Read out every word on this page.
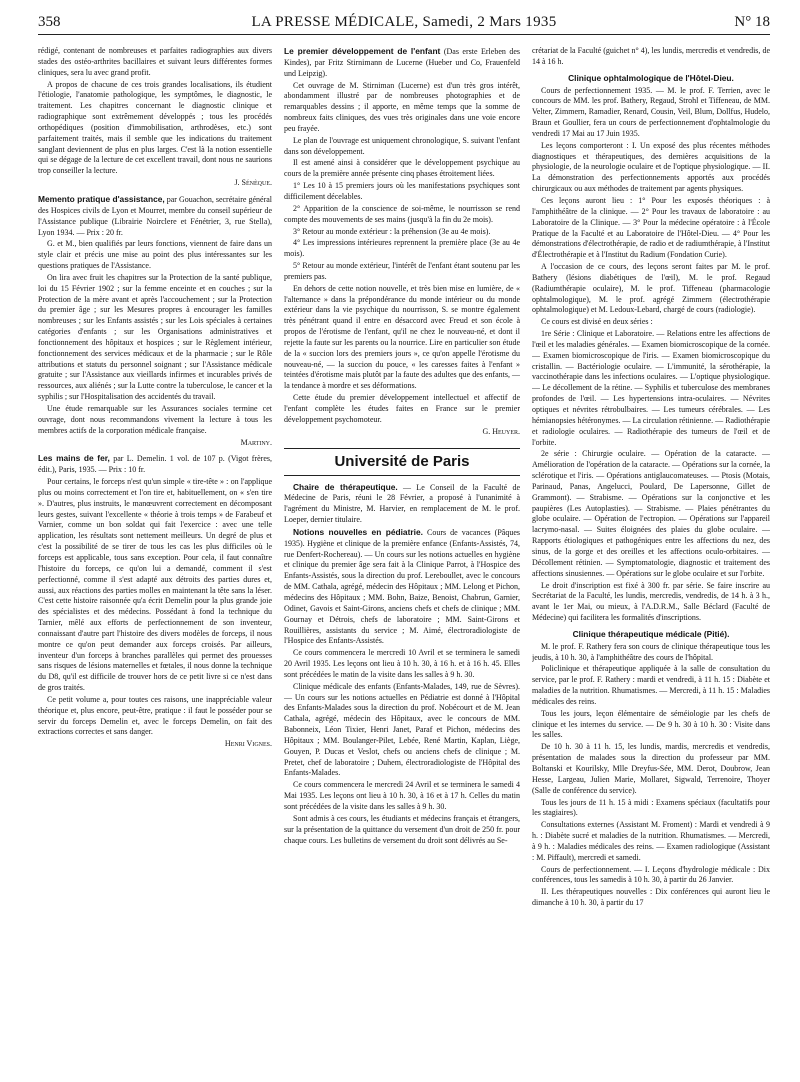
358	LA PRESSE MÉDICALE, Samedi, 2 Mars 1935	N° 18

rédigé, contenant de nombreuses et parfaites radiographies aux divers stades des ostéo-arthrites bacillaires et suivant leurs différentes formes cliniques, sera lu avec grand profit.

A propos de chacune de ces trois grandes localisations, ils étudient l'étiologie, l'anatomie pathologique, les symptômes, le diagnostic, le traitement. Les chapitres concernant le diagnostic clinique et radiographique sont extrêmement développés ; tous les procédés orthopédiques (position d'immobilisation, arthrodèses, etc.) sont parfaitement traités, mais il semble que les indications du traitement sanglant deviennent de plus en plus larges. C'est là la notion essentielle qui se dégage de la lecture de cet excellent travail, dont nous ne saurions trop conseiller la lecture.

J. Sénèque.

Memento pratique d'assistance, par Gouachon, secrétaire général des Hospices civils de Lyon et Mourret, membre du conseil supérieur de l'Assistance publique (Librairie Noirclere et Fénétrier, 3, rue Stella), Lyon 1934. — Prix : 20 fr.

G. et M., bien qualifiés par leurs fonctions, viennent de faire dans un style clair et précis une mise au point des plus intéressantes sur les questions pratiques de l'Assistance.

On lira avec fruit les chapitres sur la Protection de la santé publique, loi du 15 Février 1902 ; sur la femme enceinte et en couches ; sur la Protection de la mère avant et après l'accouchement ; sur la Protection du premier âge ; sur les Mesures propres à encourager les familles nombreuses ; sur les Enfants assistés ; sur les Lois spéciales à certaines catégories d'enfants ; sur les Organisations administratives et fonctionnement des hôpitaux et hospices ; sur le Règlement intérieur, fonctionnement des services médicaux et de la pharmacie ; sur le Rôle attributions et statuts du personnel soignant ; sur l'Assistance médicale gratuite ; sur l'Assistance aux vieillards infirmes et incurables privés de ressources, aux aliénés ; sur la Lutte contre la tuberculose, le cancer et la syphilis ; sur l'Hospitalisation des accidentés du travail.

Une étude remarquable sur les Assurances sociales termine cet ouvrage, dont nous recommandons vivement la lecture à tous les membres actifs de la corporation médicale française.

Martiny.

Les mains de fer, par L. Demelin. 1 vol. de 107 p. (Vigot frères, édit.), Paris, 1935. — Prix : 10 fr.

Pour certains, le forceps n'est qu'un simple « tire-tête » : on l'applique plus ou moins correctement et l'on tire et, habituellement, on « s'en tire ». D'autres, plus instruits, le manœuvrent correctement en décomposant leurs gestes, suivant l'excellente « théorie à trois temps » de Farabeuf et Varnier, comme un bon soldat qui fait l'exercice : avec une telle application, les résultats sont nettement meilleurs. Un degré de plus et c'est la possibilité de se tirer de tous les cas les plus difficiles où le forceps est applicable, tous sans exception. Pour cela, il faut connaître l'histoire du forceps, ce qu'on lui a demandé, comment il s'est perfectionné, comme il s'est adapté aux détroits des parties dures et, aussi, aux réactions des parties molles en maintenant la tête sans la léser. C'est cette histoire raisonnée qu'a écrit Demelin pour la plus grande joie des spécialistes et des médecins. Possédant à fond la technique du Tarnier, mêlé aux efforts de perfectionnement de son inventeur, connaissant d'autre part l'histoire des divers modèles de forceps, il nous montre ce qu'on peut demander aux forceps croisés. Par ailleurs, inventeur d'un forceps à branches parallèles qui permet des prouesses sans risques de lésions maternelles et fœtales, il nous donne la technique du D8, qu'il est difficile de trouver hors de ce petit livre si ce n'est dans de gros traités.

Ce petit volume a, pour toutes ces raisons, une inappréciable valeur théorique et, plus encore, peut-être, pratique : il faut le posséder pour se servir du forceps Demelin et, avec le forceps Demelin, on fait des extractions correctes et sans danger.

Henri Vignes.

Le premier développement de l'enfant (Das erste Erleben des Kindes), par Fritz Stirnimann de Lucerne (Hueber und Co, Frauenfeld und Leipzig).

Cet ouvrage de M. Stirniman (Lucerne) est d'un très gros intérêt, abondamment illustré par de nombreuses photographies et de remarquables dessins ; il apporte, en même temps que la somme de nombreux faits cliniques, des vues très originales dans une voie encore peu frayée.

Le plan de l'ouvrage est uniquement chronologique, S. suivant l'enfant dans son développement.

Il est amené ainsi à considérer que le développement psychique au cours de la première année présente cinq phases étroitement liées.

1° Les 10 à 15 premiers jours où les manifestations psychiques sont difficilement décelables.

2° Apparition de la conscience de soi-même, le nourrisson se rend compte des mouvements de ses mains (jusqu'à la fin du 2e mois).

3° Retour au monde extérieur : la préhension (3e au 4e mois).

4° Les impressions intérieures reprennent la première place (3e au 4e mois).

5° Retour au monde extérieur, l'intérêt de l'enfant étant soutenu par les premiers pas.

En dehors de cette notion nouvelle, et très bien mise en lumière, de « l'alternance » dans la prépondérance du monde intérieur ou du monde extérieur dans la vie psychique du nourrisson, S. se montre également très pénétrant quand il entre en désaccord avec Freud et son école à propos de l'érotisme de l'enfant, qu'il ne chez le nouveau-né, et dont il rejette la faute sur les parents ou la nourrice. Lire en particulier son étude de la « succion lors des premiers jours », ce qu'on appelle l'érotisme du nouveau-né, — la succion du pouce, « les caresses faites à l'enfant » teintées d'érotisme mais plutôt par la faute des adultes que des enfants, — la tendance à mordre et ses déformations.

Cette étude du premier développement intellectuel et affectif de l'enfant complète les études faites en France sur le premier développement psychomoteur.

G. Heuyer.

Université de Paris

Chaire de thérapeutique. — Le Conseil de la Faculté de Médecine de Paris, réuni le 28 Février, a proposé à l'unanimité à l'agrément du Ministre, M. Harvier, en remplacement de M. le prof. Loeper, dernier titulaire.

Notions nouvelles en pédiatrie. Cours de vacances (Pâques 1935). Hygiène et clinique de la première enfance (Enfants-Assistés, 74, rue Denfert-Rochereau). — Un cours sur les notions actuelles en hygiène et clinique du premier âge sera fait à la Clinique Parrot, à l'Hospice des Enfants-Assistés, sous la direction du prof. Lereboullet, avec le concours de MM. Cathala, agrégé, médecin des Hôpitaux ; MM. Lelong et Pichon, médecins des Hôpitaux ; MM. Bohn, Baize, Benoist, Chabrun, Garnier, Odinet, Gavois et Saint-Girons, anciens chefs et chefs de clinique ; MM. Gournay et Détrois, chefs de laboratoire ; MM. Saint-Girons et Rouillières, assistants du service ; M. Aimé, électroradiologiste de l'Hospice des Enfants-Assistés.

Ce cours commencera le mercredi 10 Avril et se terminera le samedi 20 Avril 1935. Les leçons ont lieu à 10 h. 30, à 16 h. et à 16 h. 45. Elles sont précédées le matin de la visite dans les salles à 9 h. 30.

Clinique médicale des enfants (Enfants-Malades, 149, rue de Sèvres). — Un cours sur les notions actuelles en Pédiatrie est donné à l'Hôpital des Enfants-Malades sous la direction du prof. Nobécourt et de M. Jean Cathala, agrégé, médecin des Hôpitaux, avec le concours de MM. Babonneix, Léon Tixier, Henri Janet, Paraf et Pichon, médecins des Hôpitaux ; MM. Boulanger-Pilet, Lebée, René Martin, Kaplan, Liège, Gouyen, P. Ducas et Veslot, chefs ou anciens chefs de clinique ; M. Pretet, chef de laboratoire ; Duhem, électroradiologiste de l'Hôpital des Enfants-Malades.

Ce cours commencera le mercredi 24 Avril et se terminera le samedi 4 Mai 1935. Les leçons ont lieu à 10 h. 30, à 16 et à 17 h. Celles du matin sont précédées de la visite dans les salles à 9 h. 30.

Sont admis à ces cours, les étudiants et médecins français et étrangers, sur la présentation de la quittance du versement d'un droit de 250 fr. pour chaque cours. Les bulletins de versement du droit sont délivrés au Se-

crétariat de la Faculté (guichet n° 4), les lundis, mercredis et vendredis, de 14 à 16 h.

Clinique ophtalmologique de l'Hôtel-Dieu.

Cours de perfectionnement 1935. — M. le prof. F. Terrien, avec le concours de MM. les prof. Bathery, Regaud, Strohl et Tiffeneau, de MM. Velter, Zimmern, Ramadier, Renard, Cousin, Veil, Blum, Dollfus, Hudelo, Braun et Goullier, fera un cours de perfectionnement d'ophtalmologie du vendredi 17 Mai au 17 Juin 1935.

Les leçons comporteront : I. Un exposé des plus récentes méthodes diagnostiques et thérapeutiques, des dernières acquisitions de la physiologie, de la neurologie oculaire et de l'optique physiologique. — II. La démonstration des perfectionnements apportés aux procédés chirurgicaux ou aux méthodes de traitement par agents physiques.

Ces leçons auront lieu : 1° Pour les exposés théoriques : à l'amphithéâtre de la clinique. — 2° Pour les travaux de laboratoire : au Laboratoire de la Clinique. — 3° Pour la médecine opératoire : à l'École Pratique de la Faculté et au Laboratoire de l'Hôtel-Dieu. — 4° Pour les démonstrations d'électrothérapie, de radio et de radiumthérapie, à l'Institut d'Électrothérapie et à l'Institut du Radium (Fondation Curie).

A l'occasion de ce cours, des leçons seront faites par M. le prof. Bathery (lésions diabétiques de l'œil), M. le prof. Regaud (Radiumthérapie oculaire), M. le prof. Tiffeneau (pharmacologie ophtalmologique), M. le prof. agrégé Zimmern (électrothérapie ophtalmologique) et M. Ledoux-Lebard, chargé de cours (radiologie).

Ce cours est divisé en deux séries :

1re Série : Clinique et Laboratoire. — Relations entre les affections de l'œil et les maladies générales. — Examen biomicroscopique de la cornée. — Examen biomicroscopique de l'iris. — Examen biomicroscopique du cristallin. — Bactériologie oculaire. — L'immunité, la sérothérapie, la vaccinothérapie dans les infections oculaires. — L'optique physiologique. — Le décollement de la rétine. — Syphilis et tuberculose des membranes profondes de l'œil. — Les hypertensions intra-oculaires. — Névrites optiques et névrites rétrobulbaires. — Les tumeurs cérébrales. — Les hémianopsies hétéronymes. — La circulation rétinienne. — Radiothérapie et radiologie oculaires. — Radiothérapie des tumeurs de l'œil et de l'orbite.

2e série : Chirurgie oculaire. — Opération de la cataracte. — Amélioration de l'opération de la cataracte. — Opérations sur la cornée, la sclérotique et l'iris. — Opérations antiglaucomateuses. — Ptosis (Motais, Parinaud, Panas, Angelucci, Poulard, De Lapersonne, Gillet de Grammont). — Strabisme. — Opérations sur la conjonctive et les paupières (Les Autoplasties). — Strabisme. — Plaies pénétrantes du globe oculaire. — Opération de l'ectropion. — Opérations sur l'appareil lacrymo-nasal. — Suites éloignées des plaies du globe oculaire. — Rapports étiologiques et pathogéniques entre les affections du nez, des sinus, de la gorge et des oreilles et les affections oculo-orbitaires. — Décollement rétinien. — Symptomatologie, diagnostic et traitement des affections sinusiennes. — Opérations sur le globe oculaire et sur l'orbite.

Le droit d'inscription est fixé à 300 fr. par série. Se faire inscrire au Secrétariat de la Faculté, les lundis, mercredis, vendredis, de 14 h. à 3 h., avant le 1er Mai, ou mieux, à l'A.D.R.M., Salle Béclard (Faculté de Médecine) qui facilitera les formalités d'inscriptions.

Clinique thérapeutique médicale (Pitié).

M. le prof. F. Rathery fera son cours de clinique thérapeutique tous les jeudis, à 10 h. 30, à l'amphithéâtre des cours de l'hôpital.

Policlinique et thérapeutique appliquée à la salle de consultation du service, par le prof. F. Rathery : mardi et vendredi, à 11 h. 15 : Diabète et maladies de la nutrition. Rhumatismes. — Mercredi, à 11 h. 15 : Maladies médicales des reins.

Tous les jours, leçon élémentaire de séméiologie par les chefs de clinique et les internes du service. — De 9 h. 30 à 10 h. 30 : Visite dans les salles.

De 10 h. 30 à 11 h. 15, les lundis, mardis, mercredis et vendredis, présentation de malades sous la direction du professeur par MM. Boltanski et Kourilsky, Mlle Dreyfus-Sée, MM. Derot, Doubrow, Jean Hesse, Largeau, Julien Marie, Mollaret, Sigwald, Terrenoire, Thoyer (Salle de conférence du service).

Tous les jours de 11 h. 15 à midi : Examens spéciaux (facultatifs pour les stagiaires).

Consultations externes (Assistant M. Froment) : Mardi et vendredi à 9 h. : Diabète sucré et maladies de la nutrition. Rhumatismes. — Mercredi, à 9 h. : Maladies médicales des reins. — Examen radiologique (Assistant : M. Piffault), mercredi et samedi.

Cours de perfectionnement. — I. Leçons d'hydrologie médicale : Dix conférences, tous les samedis à 10 h. 30, à partir du 26 Janvier.

II. Les thérapeutiques nouvelles : Dix conférences qui auront lieu le dimanche à 10 h. 30, à partir du 17
